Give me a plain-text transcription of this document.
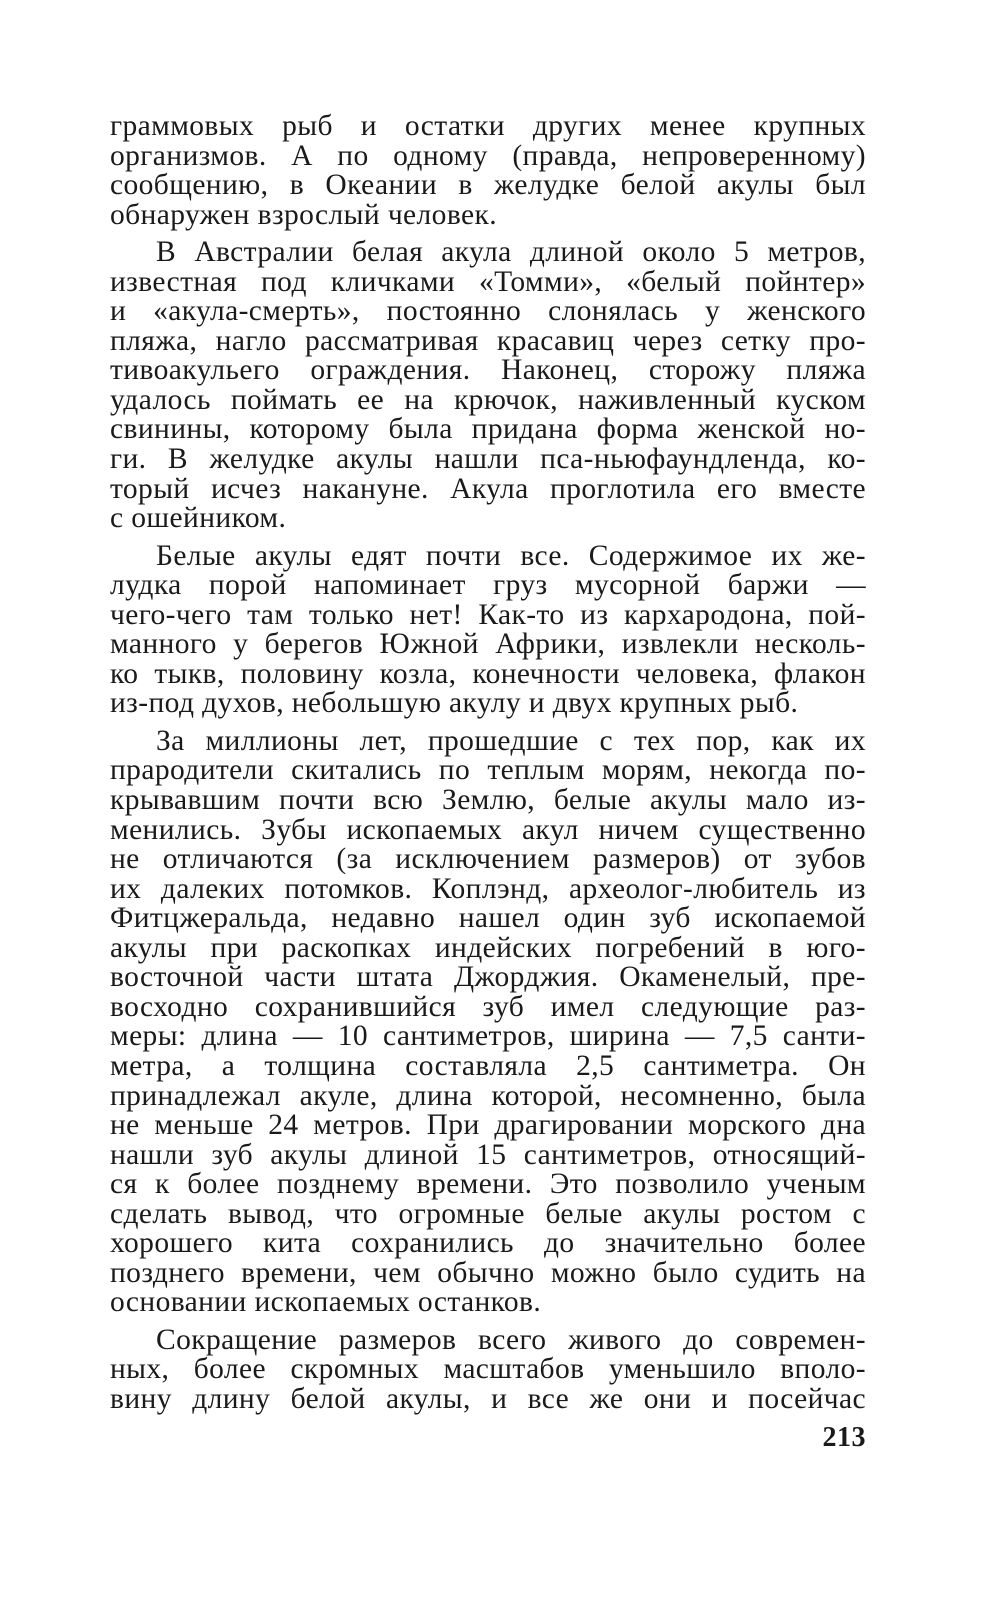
граммовых рыб и остатки других менее крупных
организмов. А по одному (правда, непроверенному)
сообщению, в Океании в желудке белой акулы был
обнаружен взрослый человек.
В Австралии белая акула длиной около 5 метров,
известная под кличками «Томми», «белый пойнтер»
и «акула-смерть», постоянно слонялась у женского
пляжа, нагло рассматривая красавиц через сетку про-
тивоакульего ограждения. Наконец, сторожу пляжа
удалось поймать ее на крючок, наживленный куском
свинины, которому была придана форма женской но-
ги. В желудке акулы нашли пса-ньюфаундленда, ко-
торый исчез накануне. Акула проглотила его вместе
с ошейником.
Белые акулы едят почти все. Содержимое их же-
лудка порой напоминает груз мусорной баржи —
чего-чего там только нет! Как-то из кархародона, пой-
манного у берегов Южной Африки, извлекли несколь-
ко тыкв, половину козла, конечности человека, флакон
из-под духов, небольшую акулу и двух крупных рыб.
За миллионы лет, прошедшие с тех пор, как их
прародители скитались по теплым морям, некогда по-
крывавшим почти всю Землю, белые акулы мало из-
менились. Зубы ископаемых акул ничем существенно
не отличаются (за исключением размеров) от зубов
их далеких потомков. Коплэнд, археолог-любитель из
Фитцжеральда, недавно нашел один зуб ископаемой
акулы при раскопках индейских погребений в юго-
восточной части штата Джорджия. Окаменелый, пре-
восходно сохранившийся зуб имел следующие раз-
меры: длина — 10 сантиметров, ширина — 7,5 санти-
метра, а толщина составляла 2,5 сантиметра. Он
принадлежал акуле, длина которой, несомненно, была
не меньше 24 метров. При драгировании морского дна
нашли зуб акулы длиной 15 сантиметров, относящий-
ся к более позднему времени. Это позволило ученым
сделать вывод, что огромные белые акулы ростом с
хорошего кита сохранились до значительно более
позднего времени, чем обычно можно было судить на
основании ископаемых останков.
Сокращение размеров всего живого до современ-
ных, более скромных масштабов уменьшило вполо-
вину длину белой акулы, и все же они и посейчас
213
